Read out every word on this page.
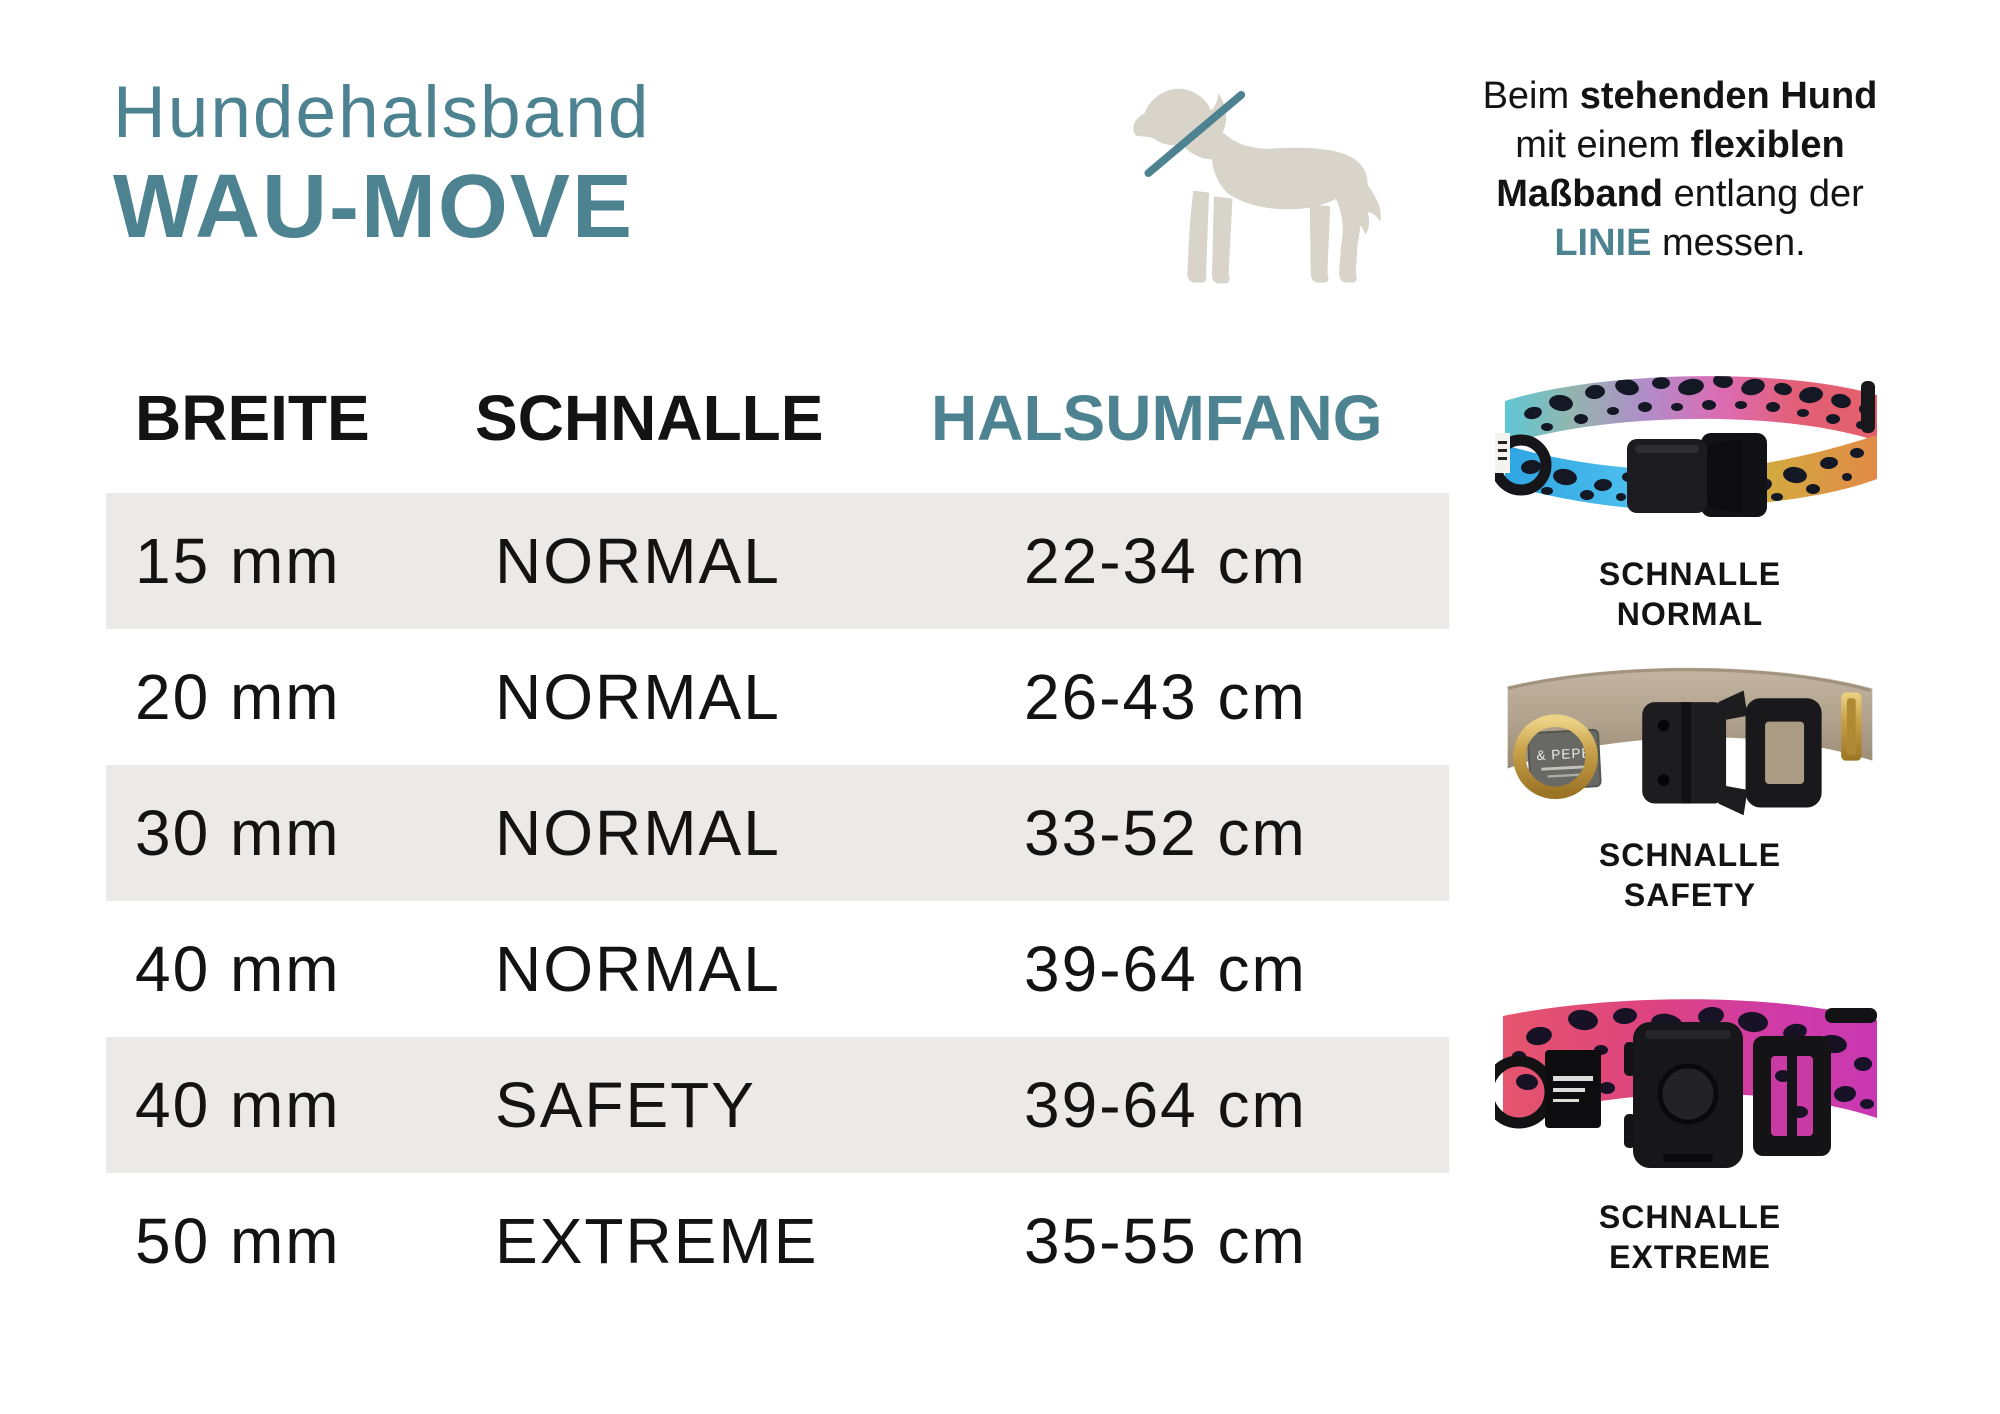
Hundehalsband
WAU-MOVE
Beim stehenden Hund
mit einem flexiblen
Maßband entlang der
LINIE messen.
BREITE	SCHNALLE	HALSUMFANG
15 mm	NORMAL	22-34 cm
20 mm	NORMAL	26-43 cm
30 mm	NORMAL	33-52 cm
40 mm	NORMAL	39-64 cm
40 mm	SAFETY	39-64 cm
50 mm	EXTREME	35-55 cm
SCHNALLE
NORMAL
& PEPE
SCHNALLE
SAFETY
SCHNALLE
EXTREME
